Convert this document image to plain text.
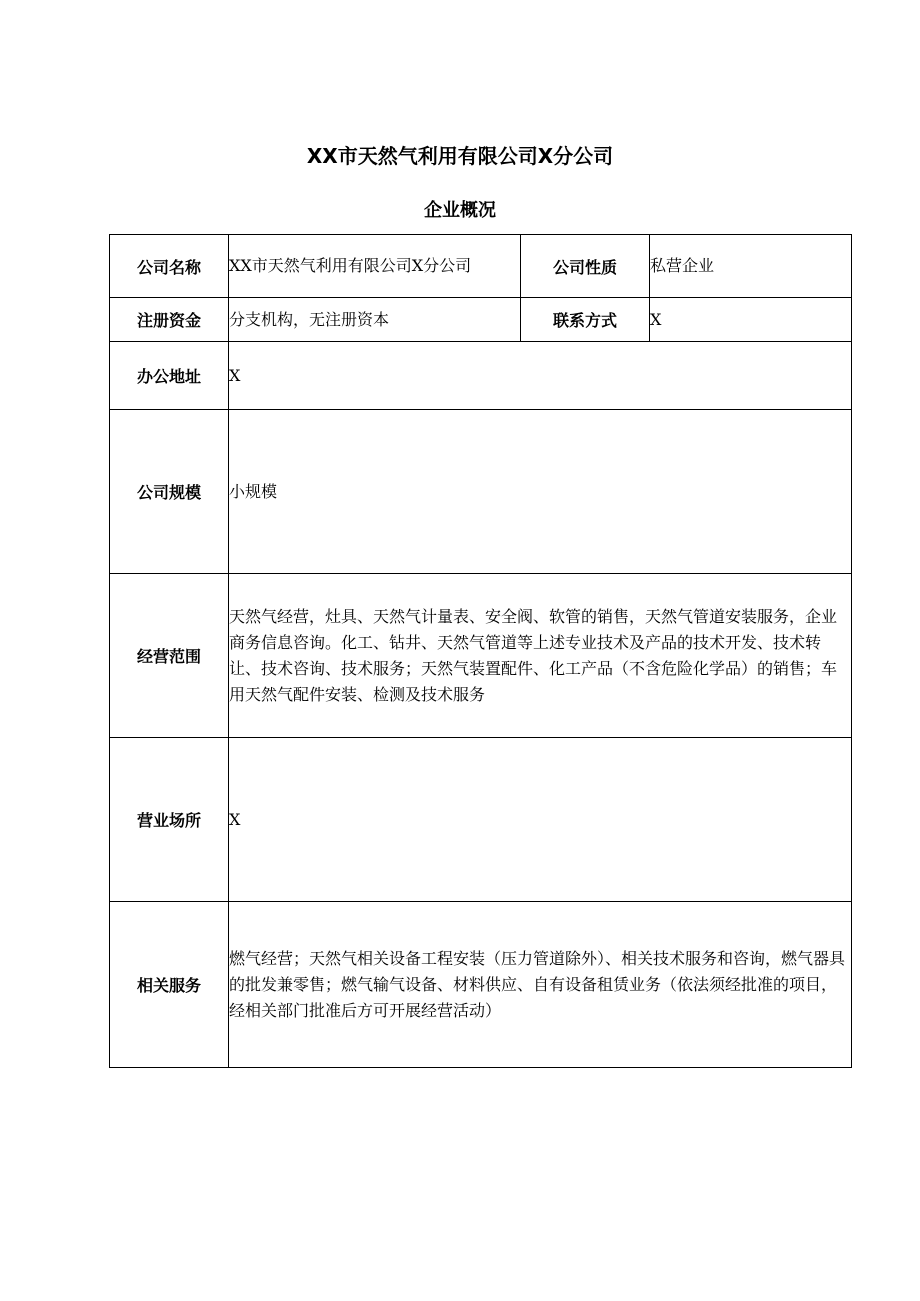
XX市天然气利用有限公司X分公司
企业概况
公司名称	XX市天然气利用有限公司X分公司	公司性质	私营企业
注册资金	分支机构，无注册资本	联系方式	X
办公地址	X		
公司规模	小规模		
经营范围	天然气经营，灶具、天然气计量表、安全阀、软管的销售，天然气管道安装服务，企业商务信息咨询。化工、钻井、天然气管道等上述专业技术及产品的技术开发、技术转让、技术咨询、技术服务；天然气装置配件、化工产品（不含危险化学品）的销售；车用天然气配件安装、检测及技术服务		
营业场所	X		
相关服务	燃气经营；天然气相关设备工程安装（压力管道除外）、相关技术服务和咨询，燃气器具的批发兼零售；燃气输气设备、材料供应、自有设备租赁业务（依法须经批准的项目，经相关部门批准后方可开展经营活动）		
